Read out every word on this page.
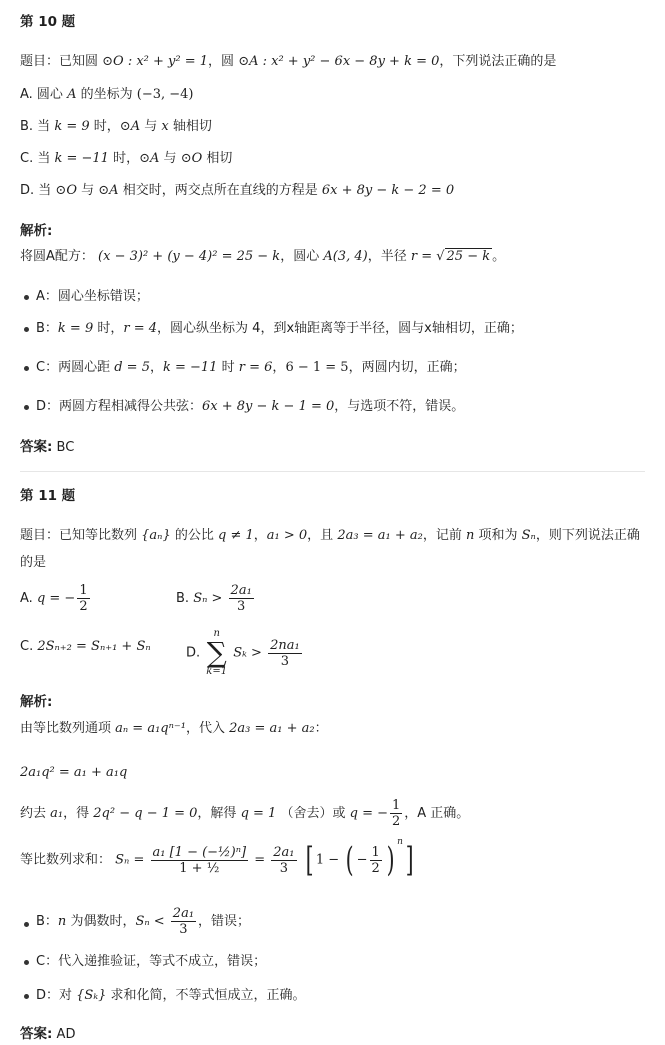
第 10 题
题目：已知圆 ⊙O : x² + y² = 1，圆 ⊙A : x² + y² − 6x − 8y + k = 0，下列说法正确的是
A. 圆心 A 的坐标为 (−3, −4)
B. 当 k = 9 时，⊙A 与 x 轴相切
C. 当 k = −11 时，⊙A 与 ⊙O 相切
D. 当 ⊙O 与 ⊙A 相交时，两交点所在直线的方程是 6x + 8y − k − 2 = 0
解析:
将圆A配方： (x − 3)² + (y − 4)² = 25 − k，圆心 A(3, 4)，半径 r = √ 25 − k 。
A：圆心坐标错误；
B：k = 9 时，r = 4，圆心纵坐标为 4，到x轴距离等于半径，圆与x轴相切，正确；
C：两圆心距 d = 5，k = −11 时 r = 6，6 − 1 = 5，两圆内切，正确；
D：两圆方程相减得公共弦：6x + 8y − k − 1 = 0，与选项不符，错误。
答案: BC
第 11 题
题目：已知等比数列 {aₙ} 的公比 q ≠ 1，a₁ > 0，且 2a₃ = a₁ + a₂，记前 n 项和为 Sₙ，则下列说法正确
的是
A. q = − $\frac{1}{2}$	B. $S_n > \frac{\text{2a₁}}{3}$
C. 2Sₙ₊₂ = Sₙ₊₁ + Sₙ	D.
n
∑
k=1
$S_k > \frac{\text{2na₁}}{3}$
解析:
由等比数列通项 aₙ = a₁qⁿ⁻¹，代入 2a₃ = a₁ + a₂：
2a₁q² = a₁ + a₁q
约去 a₁，得 2q² − q − 1 = 0，解得 q = 1 （舍去）或 q = − $\frac{1}{2}$ ，A 正确。
等比数列求和： $S_n = \frac{\text{a₁ [1 − (−½)ⁿ]}}{\text{1 + ½}} = \frac{\text{2a₁}}{3}$ [ 1 − ( − $\frac{1}{2}$ ) $^n$]
B：n 为偶数时，$S_n < \frac{\text{2a₁}}{3}$ ，错误；
C：代入递推验证，等式不成立，错误；
D：对 {Sₖ} 求和化简，不等式恒成立，正确。
答案: AD
